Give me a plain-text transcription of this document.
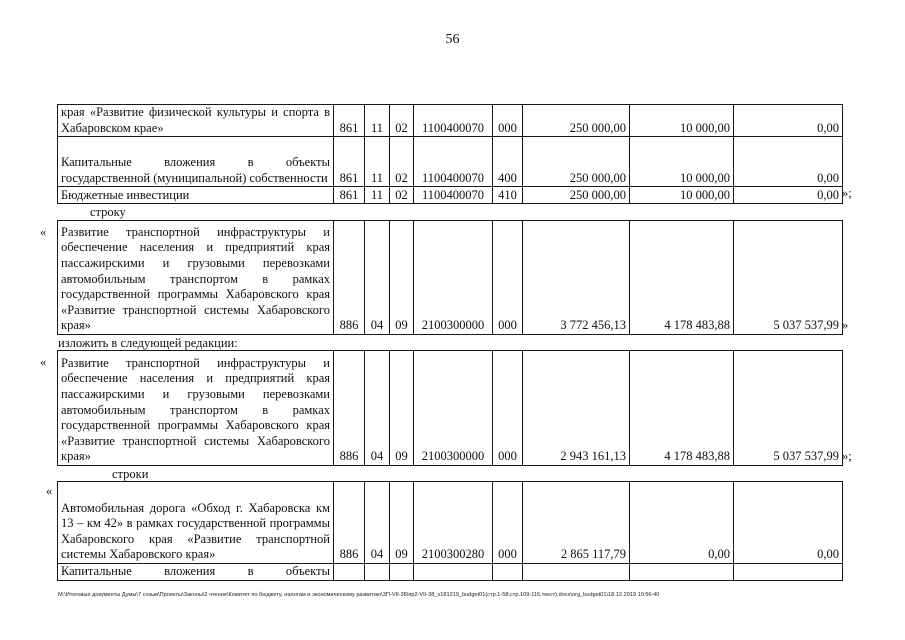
56
края «Развитие физической культуры и спорта в Хабаровском крае»	861	11	02	1100400070	000	250 000,00	10 000,00	0,00
Капитальные вложения в объекты государственной (муниципальной) собственности	861	11	02	1100400070	400	250 000,00	10 000,00	0,00
Бюджетные инвестиции	861	11	02	1100400070	410	250 000,00	10 000,00	0,00 »;
строку
« Развитие транспортной инфраструктуры и обеспечение населения и предприятий края пассажирскими и грузовыми перевозками автомобильным транспортом в рамках государственной программы Хабаровского края «Развитие транспортной системы Хабаровского края»	886	04	09	2100300000	000	3 772 456,13	4 178 483,88	5 037 537,99 »
изложить в следующей редакции:
« Развитие транспортной инфраструктуры и обеспечение населения и предприятий края пассажирскими и грузовыми перевозками автомобильным транспортом в рамках государственной программы Хабаровского края «Развитие транспортной системы Хабаровского края»	886	04	09	2100300000	000	2 943 161,13	4 178 483,88	5 037 537,99 »;
строки
«
Автомобильная дорога «Обход г. Хабаровска км 13 – км 42» в рамках государственной программы Хабаровского края «Развитие транспортной системы Хабаровского края»	886	04	09	2100300280	000	2 865 117,79	0,00	0,00
Капитальные вложения в объекты								
M:\Итоговые документы Думы\7 созыв\Проекты\Законы\2 чтение\Комитет по бюджету, налогам и экономическому развитию\ЗП-VII-38\пр2-VII-38_v181219_budget01(стр.1-58,стр.109-116,текст).docx\org_budget01\18.12.2019 10:56:40
